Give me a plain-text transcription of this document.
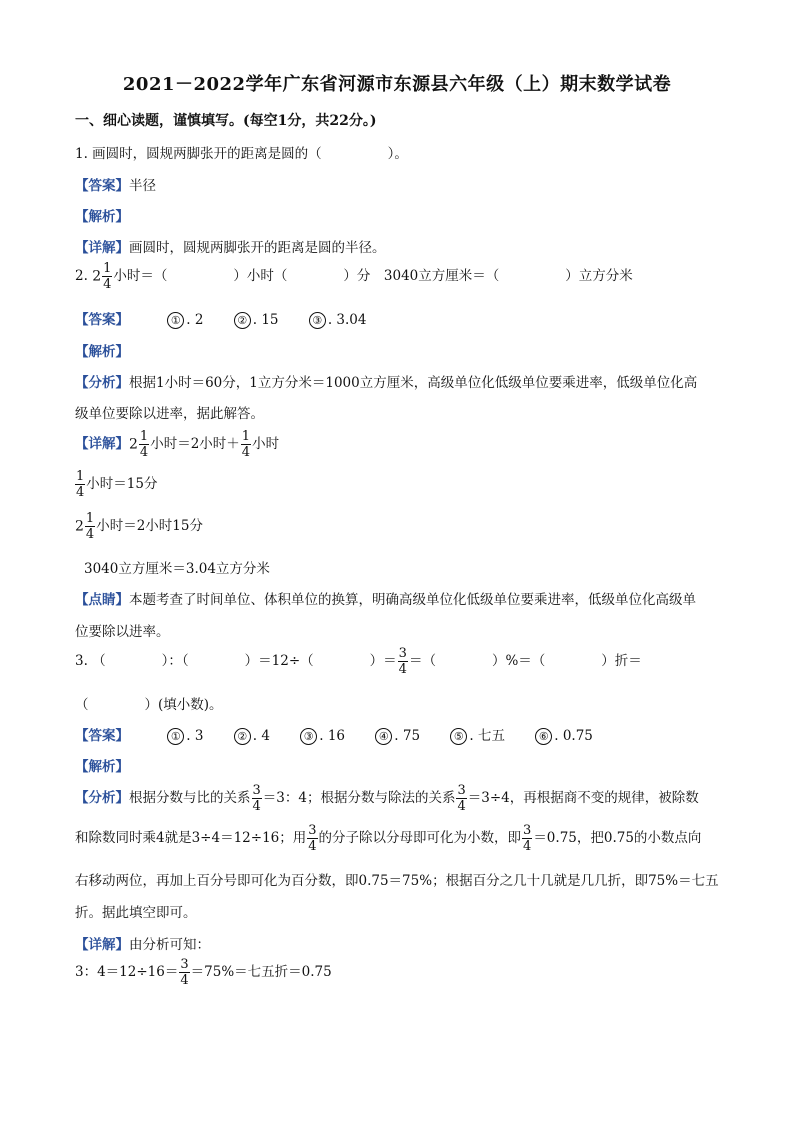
2021－2022学年广东省河源市东源县六年级（上）期末数学试卷
一、细心读题，谨慎填写。(每空1分，共22分。)
1. 画圆时，圆规两脚张开的距离是圆的（	）。
【答案】半径
【解析】
【详解】画圆时，圆规两脚张开的距离是圆的半径。
2. $2 \frac{1}{4}$ 小时＝（	）小时（	）分　3040立方厘米＝（	）立方分米
【答案】	① . 2	② . 15	③ . 3.04
【解析】
【分析】根据1小时＝60分，1立方分米＝1000立方厘米，高级单位化低级单位要乘进率，低级单位化高
级单位要除以进率，据此解答。
【详解】$2 \frac{1}{4}$ 小时＝2小时＋ $\frac{1}{4}$ 小时
$\frac{1}{4}$ 小时＝15分
$2 \frac{1}{4}$ 小时＝2小时15分
3040立方厘米＝3.04立方分米
【点睛】本题考查了时间单位、体积单位的换算，明确高级单位化低级单位要乘进率，低级单位化高级单
位要除以进率。
3. （	）：（	）＝12÷（	）＝ $\frac{3}{4}$ ＝（	）%＝（	）折＝
（	）(填小数)。
【答案】	① . 3	② . 4	③ . 16	④ . 75	⑤ . 七五	⑥ . 0.75
【解析】
【分析】根据分数与比的关系 $\frac{3}{4} =3$：4；根据分数与除法的关系 $\frac{3}{4} =3\div 4$，再根据商不变的规律，被除数
和除数同时乘4就是3÷4＝12÷16；用 $\frac{3}{4}$ 的分子除以分母即可化为小数，即 $\frac{3}{4} =0.75$，把0.75的小数点向
右移动两位，再加上百分号即可化为百分数，即0.75＝75%；根据百分之几十几就是几几折，即75%＝七五
折。据此填空即可。
【详解】由分析可知：
3：$4=12\div 16= \frac{3}{4} =75\%=$七五折＝0.75
